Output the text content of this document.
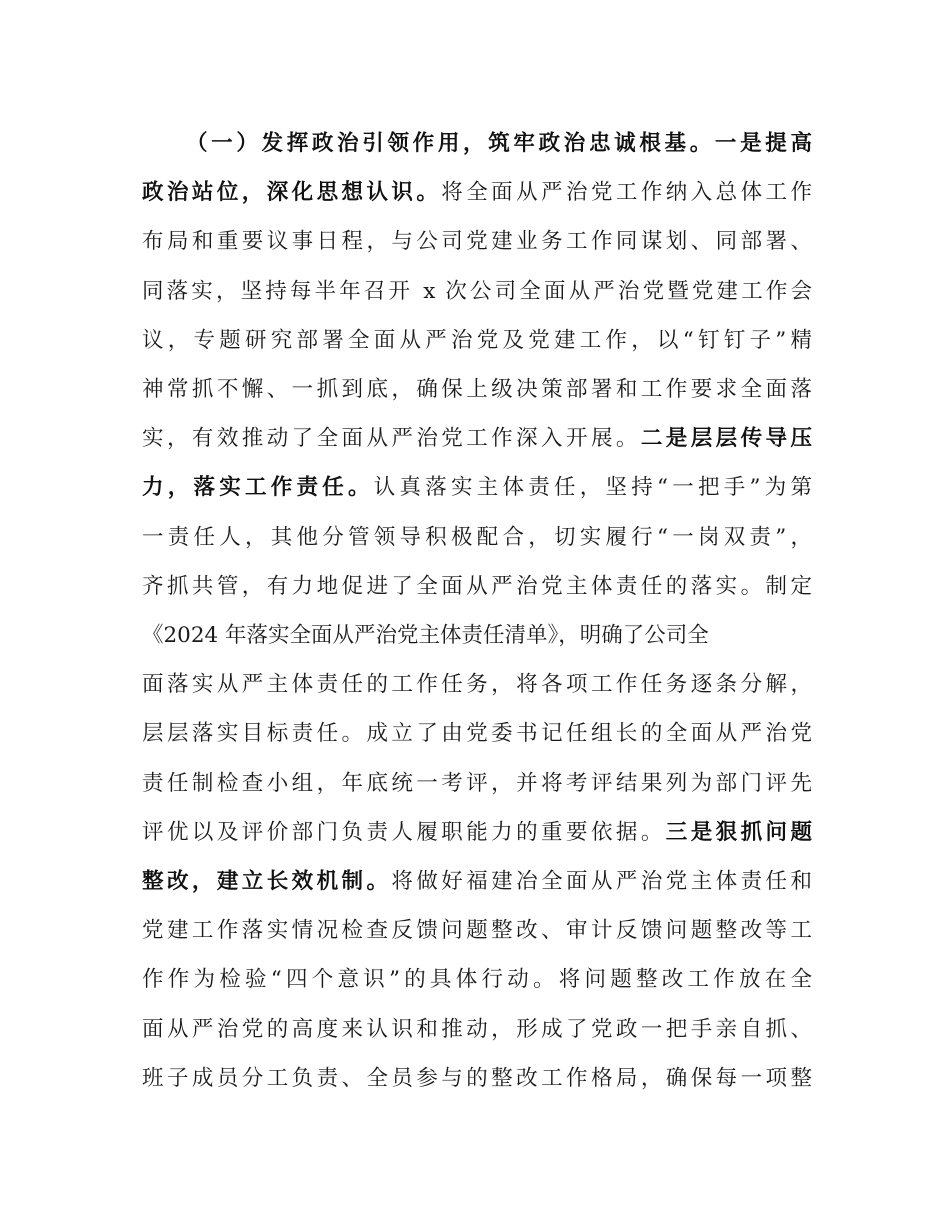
（一）发挥政治引领作用，筑牢政治忠诚根基。一是提高
政治站位，深化思想认识。将全面从严治党工作纳入总体工作
布局和重要议事日程，与公司党建业务工作同谋划、同部署、
同落实，坚持每半年召开 x 次公司全面从严治党暨党建工作会
议，专题研究部署全面从严治党及党建工作，以“钉钉子”精
神常抓不懈、一抓到底，确保上级决策部署和工作要求全面落
实，有效推动了全面从严治党工作深入开展。二是层层传导压
力，落实工作责任。认真落实主体责任，坚持“一把手”为第
一责任人，其他分管领导积极配合，切实履行“一岗双责”，
齐抓共管，有力地促进了全面从严治党主体责任的落实。制定
《2024 年落实全面从严治党主体责任清单》，明确了公司全
面落实从严主体责任的工作任务，将各项工作任务逐条分解，
层层落实目标责任。成立了由党委书记任组长的全面从严治党
责任制检查小组，年底统一考评，并将考评结果列为部门评先
评优以及评价部门负责人履职能力的重要依据。三是狠抓问题
整改，建立长效机制。将做好福建冶全面从严治党主体责任和
党建工作落实情况检查反馈问题整改、审计反馈问题整改等工
作作为检验“四个意识”的具体行动。将问题整改工作放在全
面从严治党的高度来认识和推动，形成了党政一把手亲自抓、
班子成员分工负责、全员参与的整改工作格局，确保每一项整
